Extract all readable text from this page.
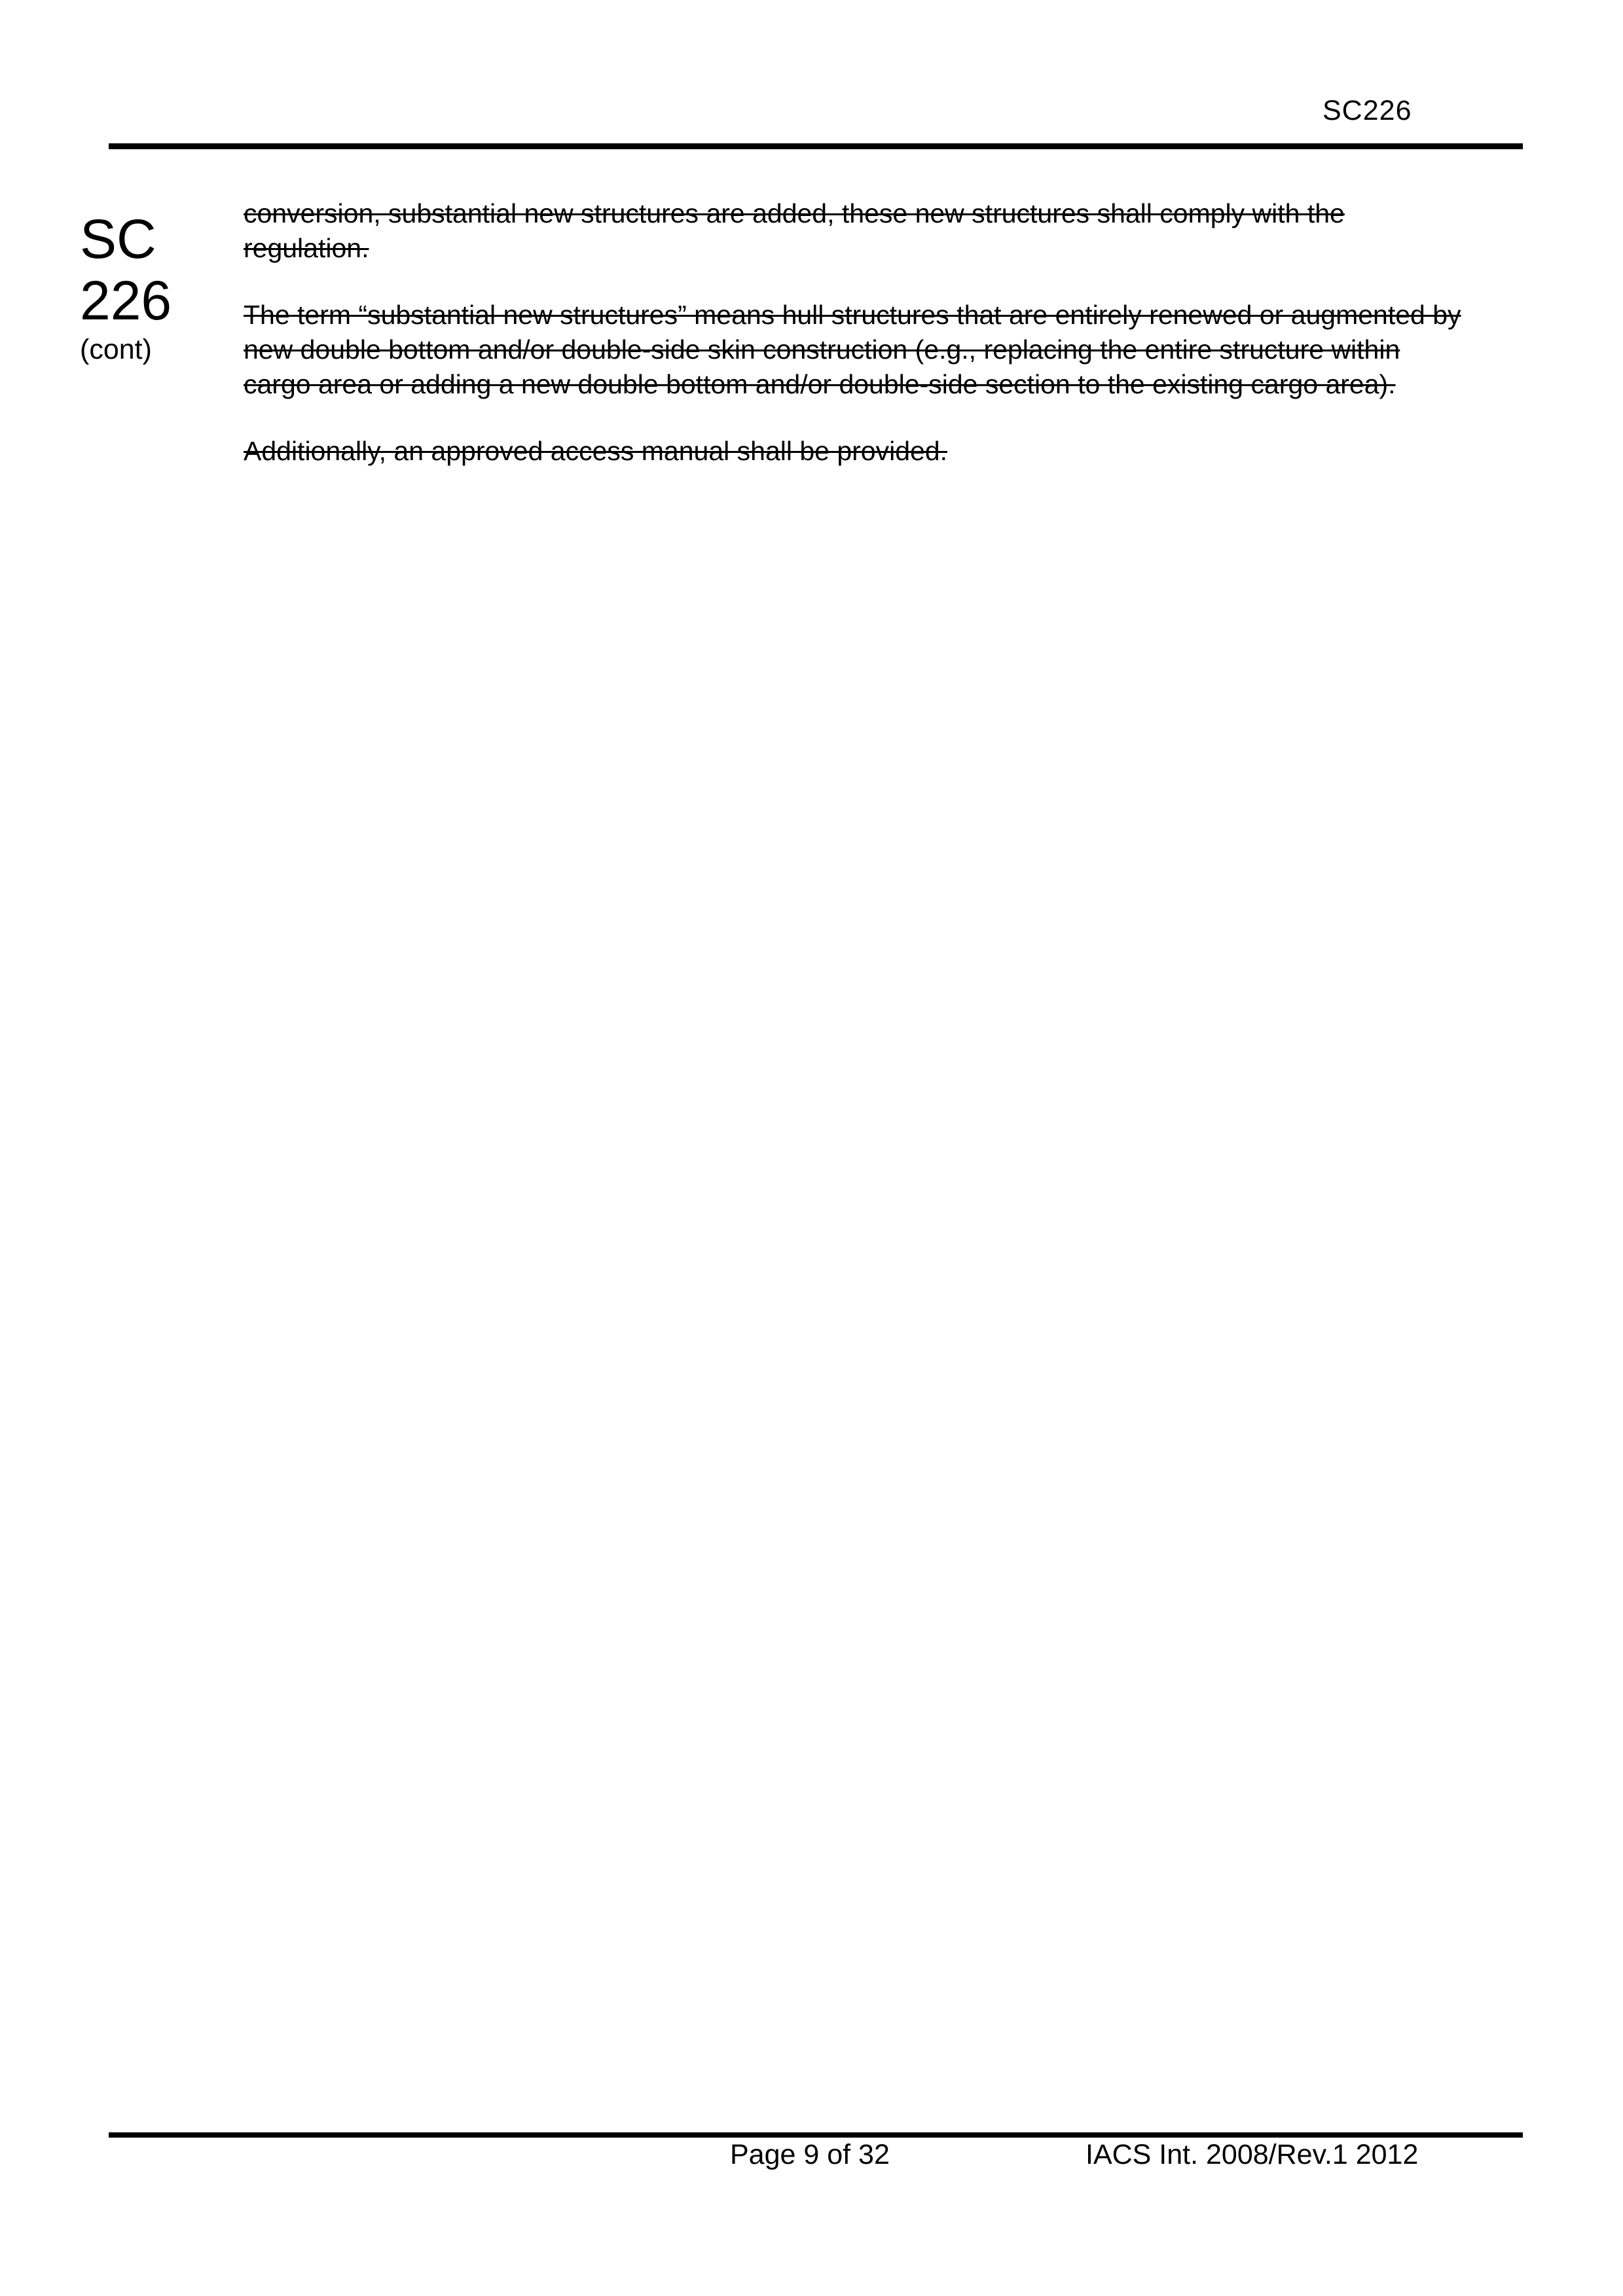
SC226
SC
226
(cont)

conversion, substantial new structures are added, these new structures shall comply with the regulation.

The term “substantial new structures” means hull structures that are entirely renewed or augmented by new double bottom and/or double-side skin construction (e.g., replacing the entire structure within cargo area or adding a new double bottom and/or double-side section to the existing cargo area).

Additionally, an approved access manual shall be provided.

Page 9 of 32	IACS Int. 2008/Rev.1 2012
